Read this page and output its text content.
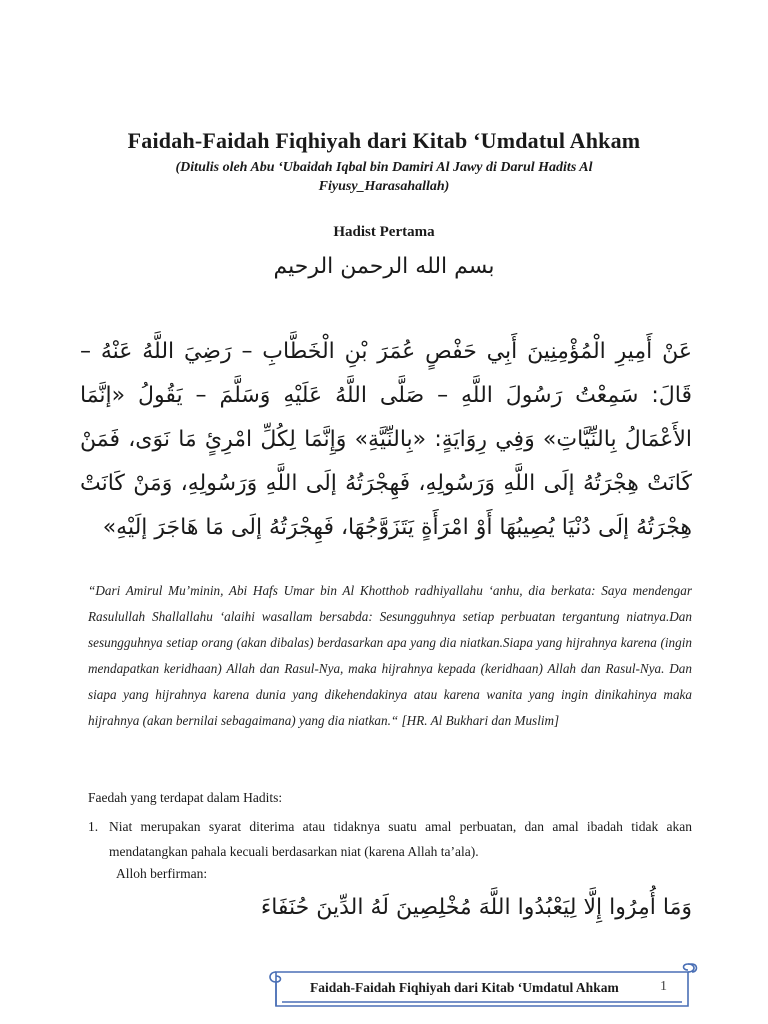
Faidah-Faidah Fiqhiyah dari Kitab ‘Umdatul Ahkam
(Ditulis oleh Abu ‘Ubaidah Iqbal bin Damiri Al Jawy di Darul Hadits Al Fiyusy_Harasahallah)
Hadist Pertama
بسم الله الرحمن الرحيم
عَنْ أَمِيرِ الْمُؤْمِنِينَ أَبِي حَفْصٍ عُمَرَ بْنِ الْخَطَّابِ – رَضِيَ اللَّهُ عَنْهُ – قَالَ: سَمِعْتُ رَسُولَ اللَّهِ – صَلَّى اللَّهُ عَلَيْهِ وَسَلَّمَ – يَقُولُ «إنَّمَا الأَعْمَالُ بِالنِّيَّاتِ» وَفِي رِوَايَةٍ: «بِالنِّيَّةِ» وَإِنَّمَا لِكُلِّ امْرِئٍ مَا نَوَى، فَمَنْ كَانَتْ هِجْرَتُهُ إلَى اللَّهِ وَرَسُولِهِ، فَهِجْرَتُهُ إلَى اللَّهِ وَرَسُولِهِ، وَمَنْ كَانَتْ هِجْرَتُهُ إلَى دُنْيَا يُصِيبُهَا أَوْ امْرَأَةٍ يَتَزَوَّجُهَا، فَهِجْرَتُهُ إلَى مَا هَاجَرَ إلَيْهِ»
“Dari Amirul Mu’minin, Abi Hafs Umar bin Al Khotthob radhiyallahu ‘anhu, dia berkata: Saya mendengar Rasulullah Shallallahu ‘alaihi wasallam bersabda: Sesungguhnya setiap perbuatan tergantung niatnya.Dan sesungguhnya setiap orang (akan dibalas) berdasarkan apa yang dia niatkan.Siapa yang hijrahnya karena (ingin mendapatkan keridhaan) Allah dan Rasul-Nya, maka hijrahnya kepada (keridhaan) Allah dan Rasul-Nya. Dan siapa yang hijrahnya karena dunia yang dikehendakinya atau karena wanita yang ingin dinikahinya maka hijrahnya (akan bernilai sebagaimana) yang dia niatkan.“ [HR. Al Bukhari dan Muslim]
Faedah yang terdapat dalam Hadits:
1. Niat merupakan syarat diterima atau tidaknya suatu amal perbuatan, dan amal ibadah tidak akan mendatangkan pahala kecuali berdasarkan niat (karena Allah ta’ala).
Alloh berfirman:
وَمَا أُمِرُوا إِلَّا لِيَعْبُدُوا اللَّهَ مُخْلِصِينَ لَهُ الدِّينَ حُنَفَاءَ
Faidah-Faidah Fiqhiyah dari Kitab ‘Umdatul Ahkam	1
